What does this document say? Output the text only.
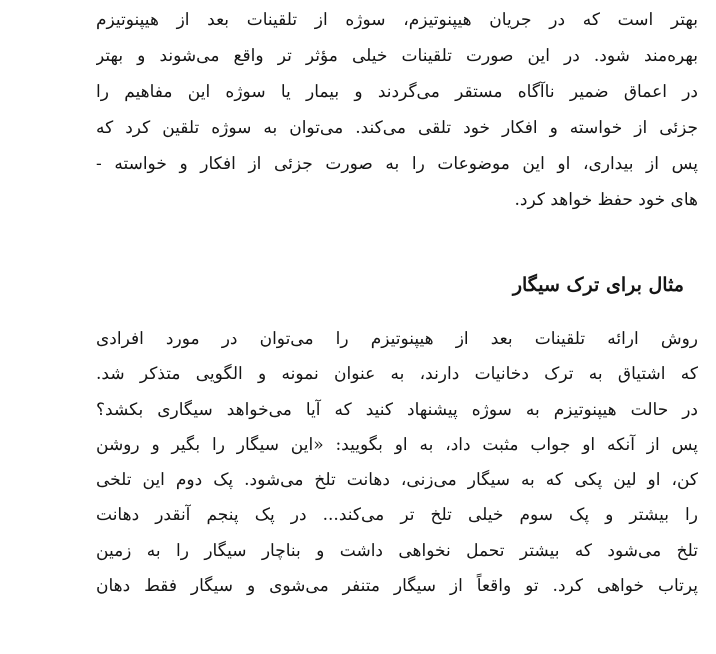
بهتر است که در جریان هیپنوتیزم، سوژه از تلقینات بعد از هیپنوتیزم
بهره‌مند شود. در این صورت تلقینات خیلی مؤثر تر واقع می‌شوند و بهتر
در اعماق ضمیر ناآگاه مستقر می‌گردند و بیمار یا سوژه این مفاهیم را
جزئی از خواسته و افکار خود تلقی می‌کند. می‌توان به سوژه تلقین کرد که
پس از بیداری، او این موضوعات را به صورت جزئی از افکار و خواسته -
های خود حفظ خواهد کرد.
مثال برای ترک سیگار
روش ارائه تلقینات بعد از هیپنوتیزم را می‌توان در مورد افرادی
که اشتیاق به ترک دخانیات دارند، به عنوان نمونه و الگویی متذکر شد.
در حالت هیپنوتیزم به سوژه پیشنهاد کنید که آیا می‌خواهد سیگاری بکشد؟
پس از آنکه او جواب مثبت داد، به او بگویید: «این سیگار را بگیر و روشن
کن، او لین پکی که به سیگار می‌زنی، دهانت تلخ می‌شود. پک دوم این تلخی
را بیشتر و پک سوم خیلی تلخ تر می‌کند... در پک پنجم آنقدر دهانت
تلخ می‌شود که بیشتر تحمل نخواهی داشت و بناچار سیگار را به زمین
پرتاب خواهی کرد. تو واقعاً از سیگار متنفر می‌شوی و سیگار فقط دهان
